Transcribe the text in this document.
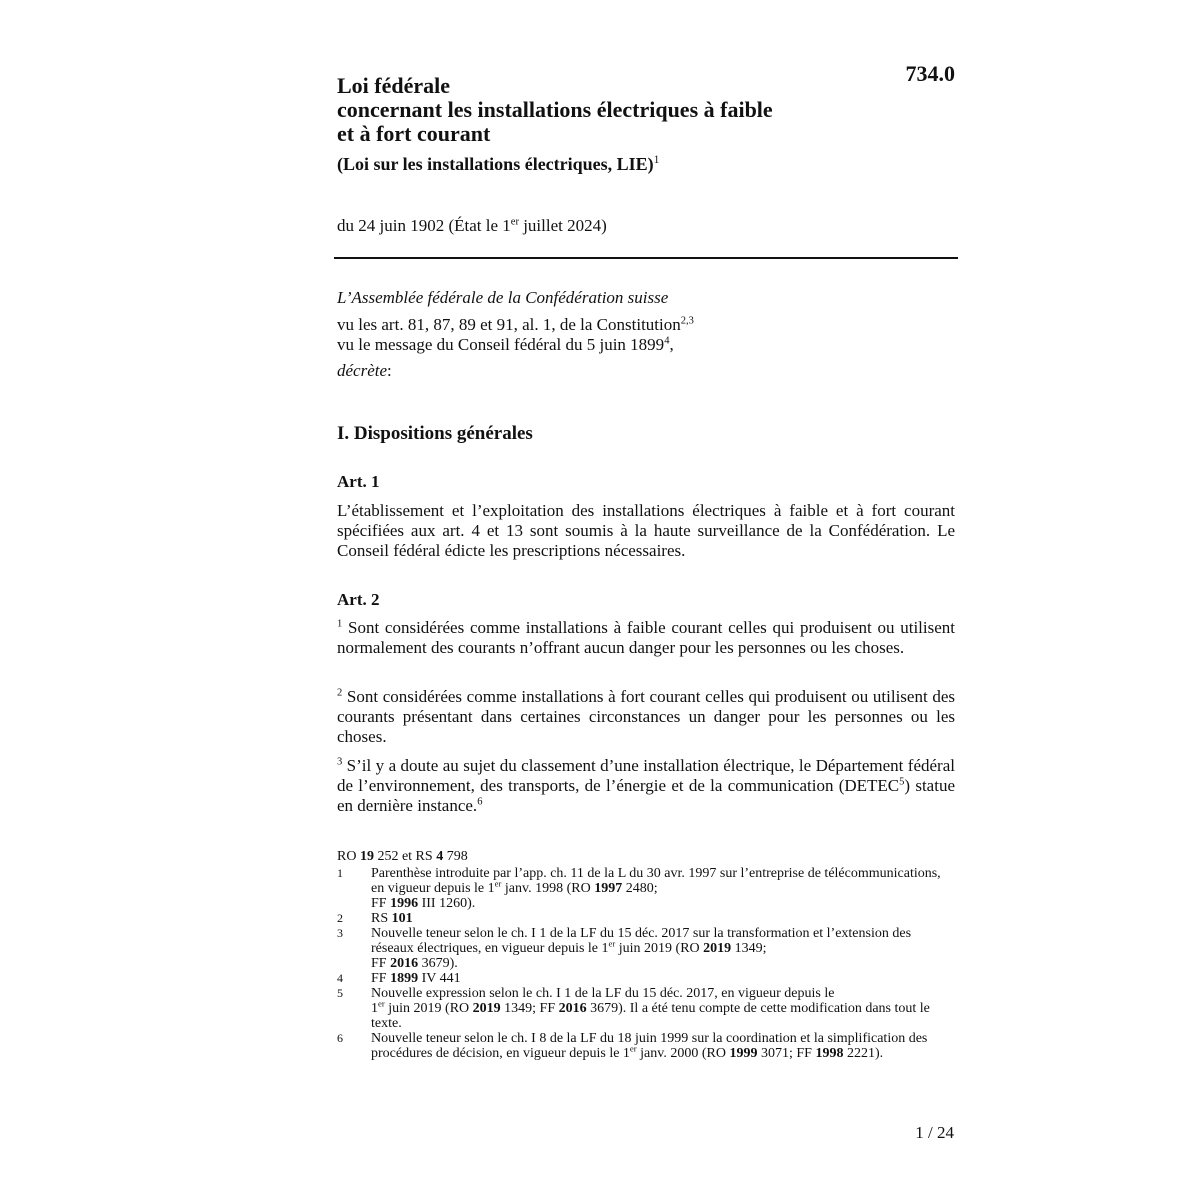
734.0
Loi fédérale
concernant les installations électriques à faible
et à fort courant
(Loi sur les installations électriques, LIE)$^1$
du 24 juin 1902 (État le 1er juillet 2024)
L’Assemblée fédérale de la Confédération suisse
vu les art. 81, 87, 89 et 91, al. 1, de la Constitution$^{2,3}$
vu le message du Conseil fédéral du 5 juin 1899$^4$,
décrète:
I. Dispositions générales
Art. 1
L’établissement et l’exploitation des installations électriques à faible et à fort courant spécifiées aux art. 4 et 13 sont soumis à la haute surveillance de la Confédération. Le Conseil fédéral édicte les prescriptions nécessaires.
Art. 2
$^1$ Sont considérées comme installations à faible courant celles qui produisent ou utilisent normalement des courants n’offrant aucun danger pour les personnes ou les choses.
$^2$ Sont considérées comme installations à fort courant celles qui produisent ou utilisent des courants présentant dans certaines circonstances un danger pour les personnes ou les choses.
$^3$ S’il y a doute au sujet du classement d’une installation électrique, le Département fédéral de l’environnement, des transports, de l’énergie et de la communication (DETEC$^5$) statue en dernière instance.$^6$
RO 19 252 et RS 4 798
1	Parenthèse introduite par l’app. ch. 11 de la L du 30 avr. 1997 sur l’entreprise de télécommunications, en vigueur depuis le 1er janv. 1998 (RO 1997 2480;
FF 1996 III 1260).
2	RS 101
3	Nouvelle teneur selon le ch. I 1 de la LF du 15 déc. 2017 sur la transformation et l’extension des réseaux électriques, en vigueur depuis le 1er juin 2019 (RO 2019 1349;
FF 2016 3679).
4	FF 1899 IV 441
5	Nouvelle expression selon le ch. I 1 de la LF du 15 déc. 2017, en vigueur depuis le
1er juin 2019 (RO 2019 1349; FF 2016 3679). Il a été tenu compte de cette modification dans tout le texte.
6	Nouvelle teneur selon le ch. I 8 de la LF du 18 juin 1999 sur la coordination et la simplification des procédures de décision, en vigueur depuis le 1er janv. 2000 (RO 1999 3071; FF 1998 2221).
1 / 24
